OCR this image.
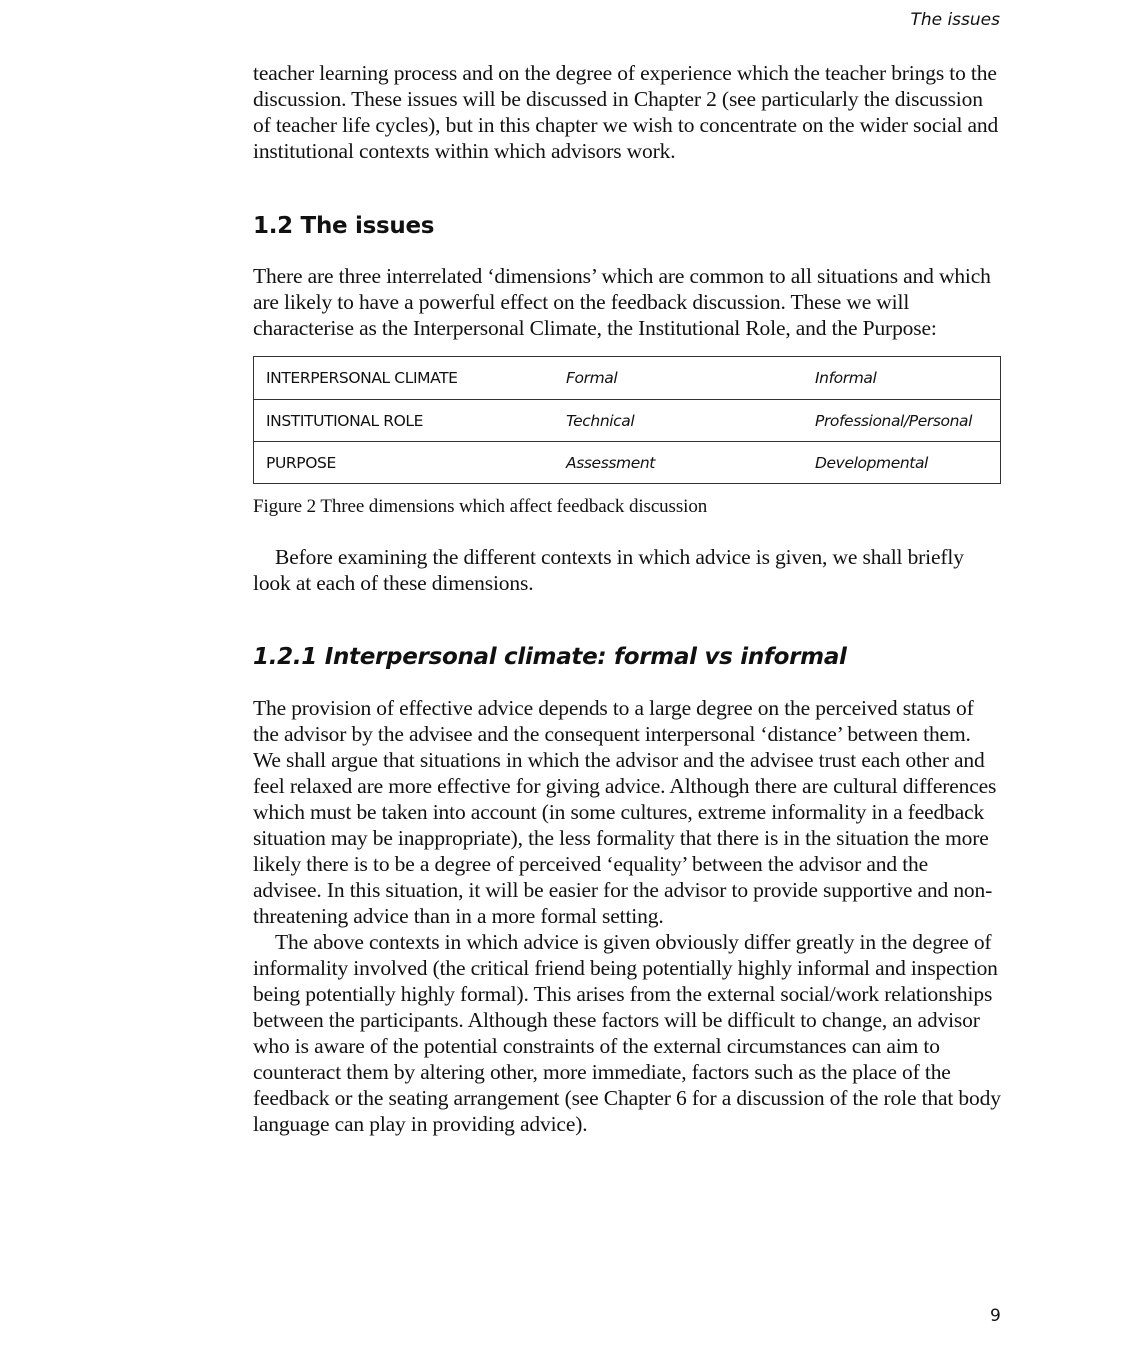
The issues

teacher learning process and on the degree of experience which the teacher brings to the discussion. These issues will be discussed in Chapter 2 (see particularly the discussion of teacher life cycles), but in this chapter we wish to concentrate on the wider social and institutional contexts within which advisors work.

1.2 The issues

There are three interrelated ‘dimensions’ which are common to all situations and which are likely to have a powerful effect on the feedback discussion. These we will characterise as the Interpersonal Climate, the Institutional Role, and the Purpose:

INTERPERSONAL CLIMATE	Formal	Informal
INSTITUTIONAL ROLE	Technical	Professional/Personal
PURPOSE	Assessment	Developmental

Figure 2 Three dimensions which affect feedback discussion

Before examining the different contexts in which advice is given, we shall briefly look at each of these dimensions.

1.2.1 Interpersonal climate: formal vs informal

The provision of effective advice depends to a large degree on the perceived status of the advisor by the advisee and the consequent interpersonal ‘distance’ between them. We shall argue that situations in which the advisor and the advisee trust each other and feel relaxed are more effective for giving advice. Although there are cultural differences which must be taken into account (in some cultures, extreme informality in a feedback situation may be inappropriate), the less formality that there is in the situation the more likely there is to be a degree of perceived ‘equality’ between the advisor and the advisee. In this situation, it will be easier for the advisor to provide supportive and non-threatening advice than in a more formal setting.

The above contexts in which advice is given obviously differ greatly in the degree of informality involved (the critical friend being potentially highly informal and inspection being potentially highly formal). This arises from the external social/work relationships between the participants. Although these factors will be difficult to change, an advisor who is aware of the potential constraints of the external circumstances can aim to counteract them by altering other, more immediate, factors such as the place of the feedback or the seating arrangement (see Chapter 6 for a discussion of the role that body language can play in providing advice).

9
